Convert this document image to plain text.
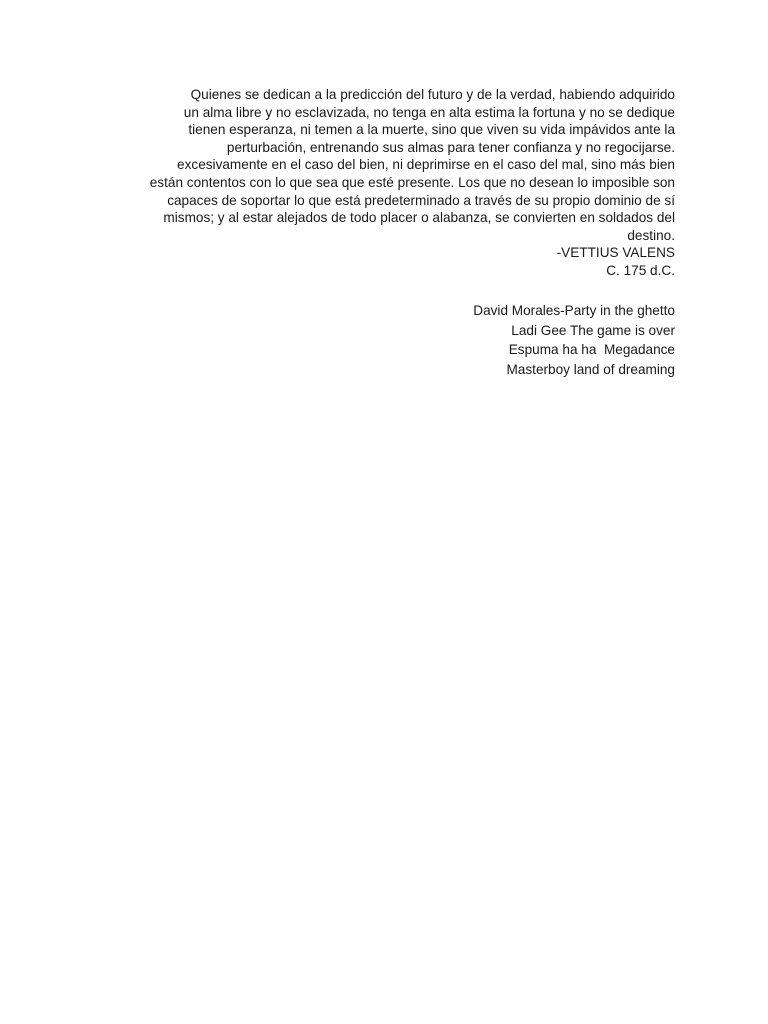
Quienes se dedican a la predicción del futuro y de la verdad, habiendo adquirido
un alma libre y no esclavizada, no tenga en alta estima la fortuna y no se dedique
tienen esperanza, ni temen a la muerte, sino que viven su vida impávidos ante la
perturbación, entrenando sus almas para tener confianza y no regocijarse.
excesivamente en el caso del bien, ni deprimirse en el caso del mal, sino más bien
están contentos con lo que sea que esté presente. Los que no desean lo imposible son
capaces de soportar lo que está predeterminado a través de su propio dominio de sí
mismos; y al estar alejados de todo placer o alabanza, se convierten en soldados del
destino.
-VETTIUS VALENS
C. 175 d.C.
David Morales-Party in the ghetto
Ladi Gee The game is over
Espuma ha ha  Megadance
Masterboy land of dreaming
